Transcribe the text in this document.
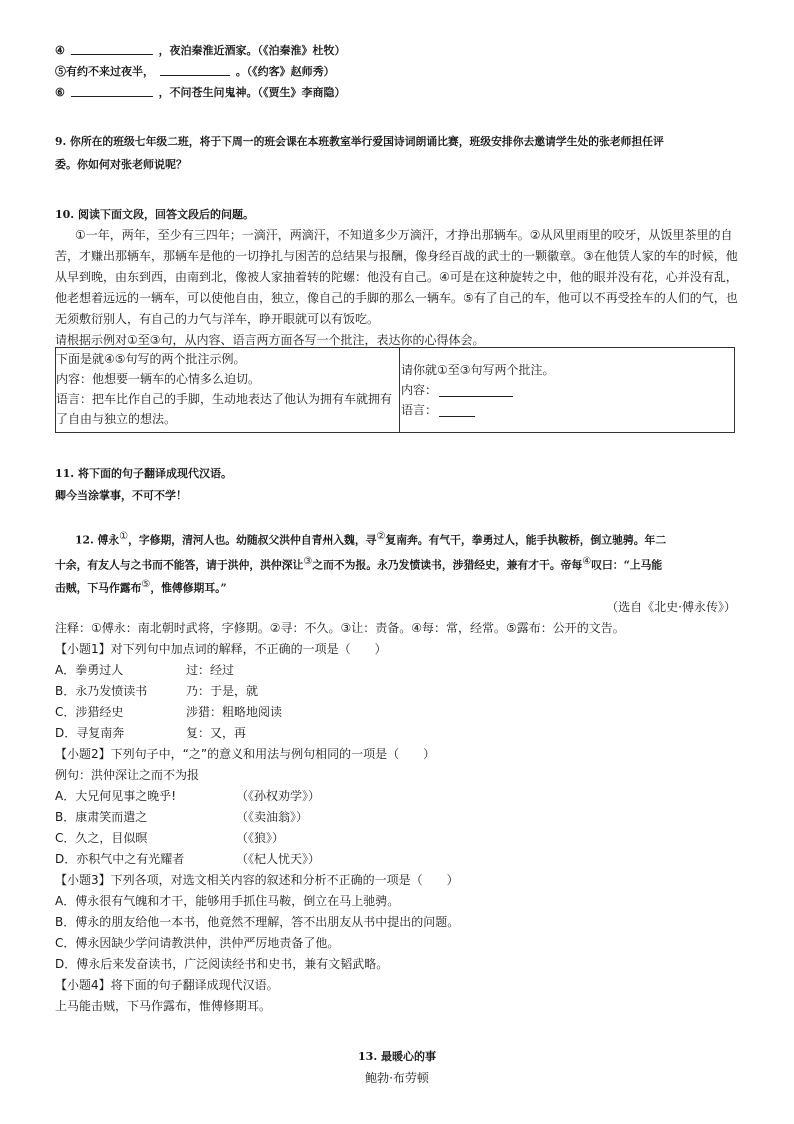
④	，夜泊秦淮近酒家。（《泊秦淮》杜牧）
⑤有约不来过夜半，	。（《约客》赵师秀）
⑥	，不问苍生问鬼神。（《贾生》李商隐）
9. 你所在的班级七年级二班，将于下周一的班会课在本班教室举行爱国诗词朗诵比赛，班级安排你去邀请学生处的张老师担任评
委。你如何对张老师说呢？
10. 阅读下面文段，回答文段后的问题。
①一年，两年，至少有三四年；一滴汗，两滴汗，不知道多少万滴汗，才挣出那辆车。②从风里雨里的咬牙，从饭里茶里的自
苦，才赚出那辆车，那辆车是他的一切挣扎与困苦的总结果与报酬，像身经百战的武士的一颗徽章。③在他赁人家的车的时候，他
从早到晚，由东到西，由南到北，像被人家抽着转的陀螺：他没有自己。④可是在这种旋转之中，他的眼并没有花，心并没有乱，
他老想着远远的一辆车，可以使他自由，独立，像自己的手脚的那么一辆车。⑤有了自己的车，他可以不再受拴车的人们的气，也
无须敷衍别人，有自己的力气与洋车，睁开眼就可以有饭吃。
请根据示例对①至③句，从内容、语言两方面各写一个批注，表达你的心得体会。
下面是就④⑤句写的两个批注示例。
内容：他想要一辆车的心情多么迫切。
语言：把车比作自己的手脚，生动地表达了他认为拥有车就拥有
了自由与独立的想法。
请你就①至③句写两个批注。
内容：
语言：
11. 将下面的句子翻译成现代汉语。
卿今当涂掌事，不可不学！
12. 傅永①，字修期，清河人也。幼随叔父洪仲自青州入魏，寻②复南奔。有气干，拳勇过人，能手执鞍桥，倒立驰骋。年二
十余，有友人与之书而不能答，请于洪仲，洪仲深让③之而不为报。永乃发愤读书，涉猎经史，兼有才干。帝每④叹曰：“上马能
击贼，下马作露布⑤，惟傅修期耳。”
（选自《北史·傅永传》）
注释：①傅永：南北朝时武将，字修期。②寻：不久。③让：责备。④每：常，经常。⑤露布：公开的文告。
【小题1】对下列句中加点词的解释，不正确的一项是（　　）
A．拳勇过人	过：经过
B．永乃发愤读书	乃：于是，就
C．涉猎经史	涉猎：粗略地阅读
D．寻复南奔	复：又，再
【小题2】下列句子中，“之”的意义和用法与例句相同的一项是（　　）
例句：洪仲深让之而不为报
A．大兄何见事之晚乎!	（《孙权劝学》）
B．康肃笑而遣之	（《卖油翁》）
C．久之，目似暝	（《狼》）
D．亦积气中之有光耀者	（《杞人忧天》）
【小题3】下列各项，对选文相关内容的叙述和分析不正确的一项是（　　）
A．傅永很有气魄和才干，能够用手抓住马鞍，倒立在马上驰骋。
B．傅永的朋友给他一本书，他竟然不理解，答不出朋友从书中提出的问题。
C．傅永因缺少学问请教洪仲，洪仲严厉地责备了他。
D．傅永后来发奋读书，广泛阅读经书和史书，兼有文韬武略。
【小题4】将下面的句子翻译成现代汉语。
上马能击贼，下马作露布，惟傅修期耳。
13. 最暖心的事
鲍勃·布劳顿
